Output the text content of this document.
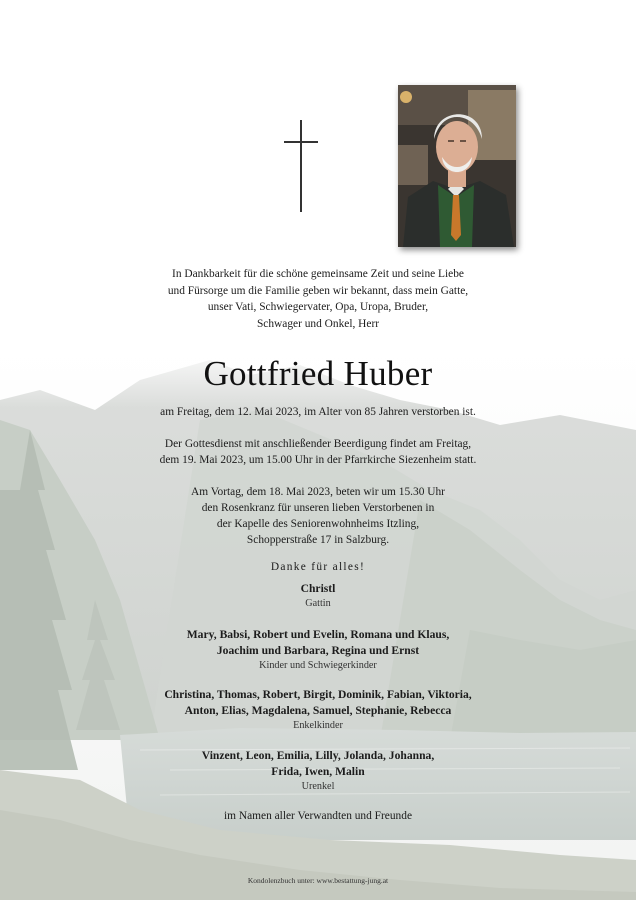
In Dankbarkeit für die schöne gemeinsame Zeit und seine Liebe
und Fürsorge um die Familie geben wir bekannt, dass mein Gatte,
unser Vati, Schwiegervater, Opa, Uropa, Bruder,
Schwager und Onkel, Herr
Gottfried Huber
am Freitag, dem 12. Mai 2023, im Alter von 85 Jahren verstorben ist.
Der Gottesdienst mit anschließender Beerdigung findet am Freitag,
dem 19. Mai 2023, um 15.00 Uhr in der Pfarrkirche Siezenheim statt.
Am Vortag, dem 18. Mai 2023, beten wir um 15.30 Uhr
den Rosenkranz für unseren lieben Verstorbenen in
der Kapelle des Seniorenwohnheims Itzling,
Schopperstraße 17 in Salzburg.
Danke für alles!
Christl
Gattin
Mary, Babsi, Robert und Evelin, Romana und Klaus,
Joachim und Barbara, Regina und Ernst
Kinder und Schwiegerkinder
Christina, Thomas, Robert, Birgit, Dominik, Fabian, Viktoria,
Anton, Elias, Magdalena, Samuel, Stephanie, Rebecca
Enkelkinder
Vinzent, Leon, Emilia, Lilly, Jolanda, Johanna,
Frida, Iwen, Malin
Urenkel
im Namen aller Verwandten und Freunde
Kondolenzbuch unter: www.bestattung-jung.at
